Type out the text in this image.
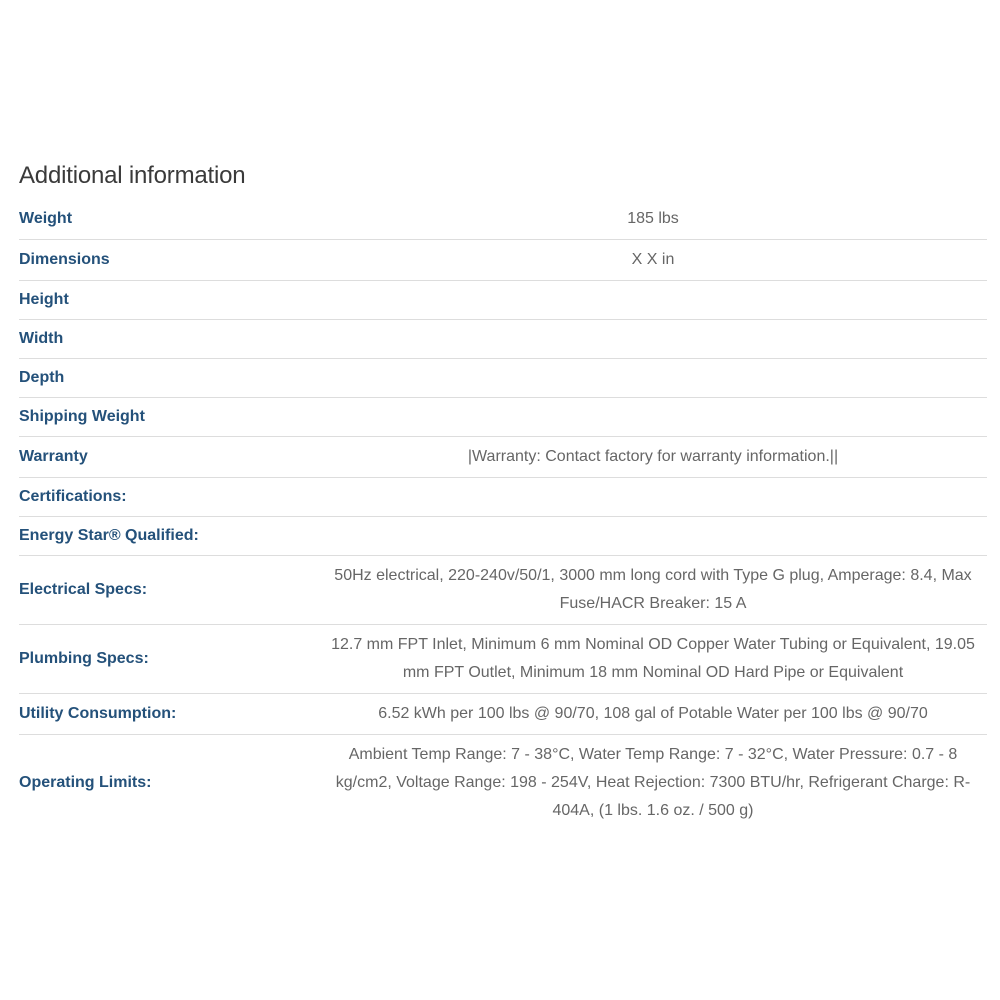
Additional information
Weight	185 lbs
Dimensions	X X in
Height	
Width	
Depth	
Shipping Weight	
Warranty	|Warranty: Contact factory for warranty information.||
Certifications:	
Energy Star® Qualified:	
Electrical Specs:	50Hz electrical, 220-240v/50/1, 3000 mm long cord with Type G plug, Amperage: 8.4, Max Fuse/HACR Breaker: 15 A
Plumbing Specs:	12.7 mm FPT Inlet, Minimum 6 mm Nominal OD Copper Water Tubing or Equivalent, 19.05 mm FPT Outlet, Minimum 18 mm Nominal OD Hard Pipe or Equivalent
Utility Consumption:	6.52 kWh per 100 lbs @ 90/70, 108 gal of Potable Water per 100 lbs @ 90/70
Operating Limits:	Ambient Temp Range: 7 - 38°C, Water Temp Range: 7 - 32°C, Water Pressure: 0.7 - 8 kg/cm2, Voltage Range: 198 - 254V, Heat Rejection: 7300 BTU/hr, Refrigerant Charge: R-404A, (1 lbs. 1.6 oz. / 500 g)
